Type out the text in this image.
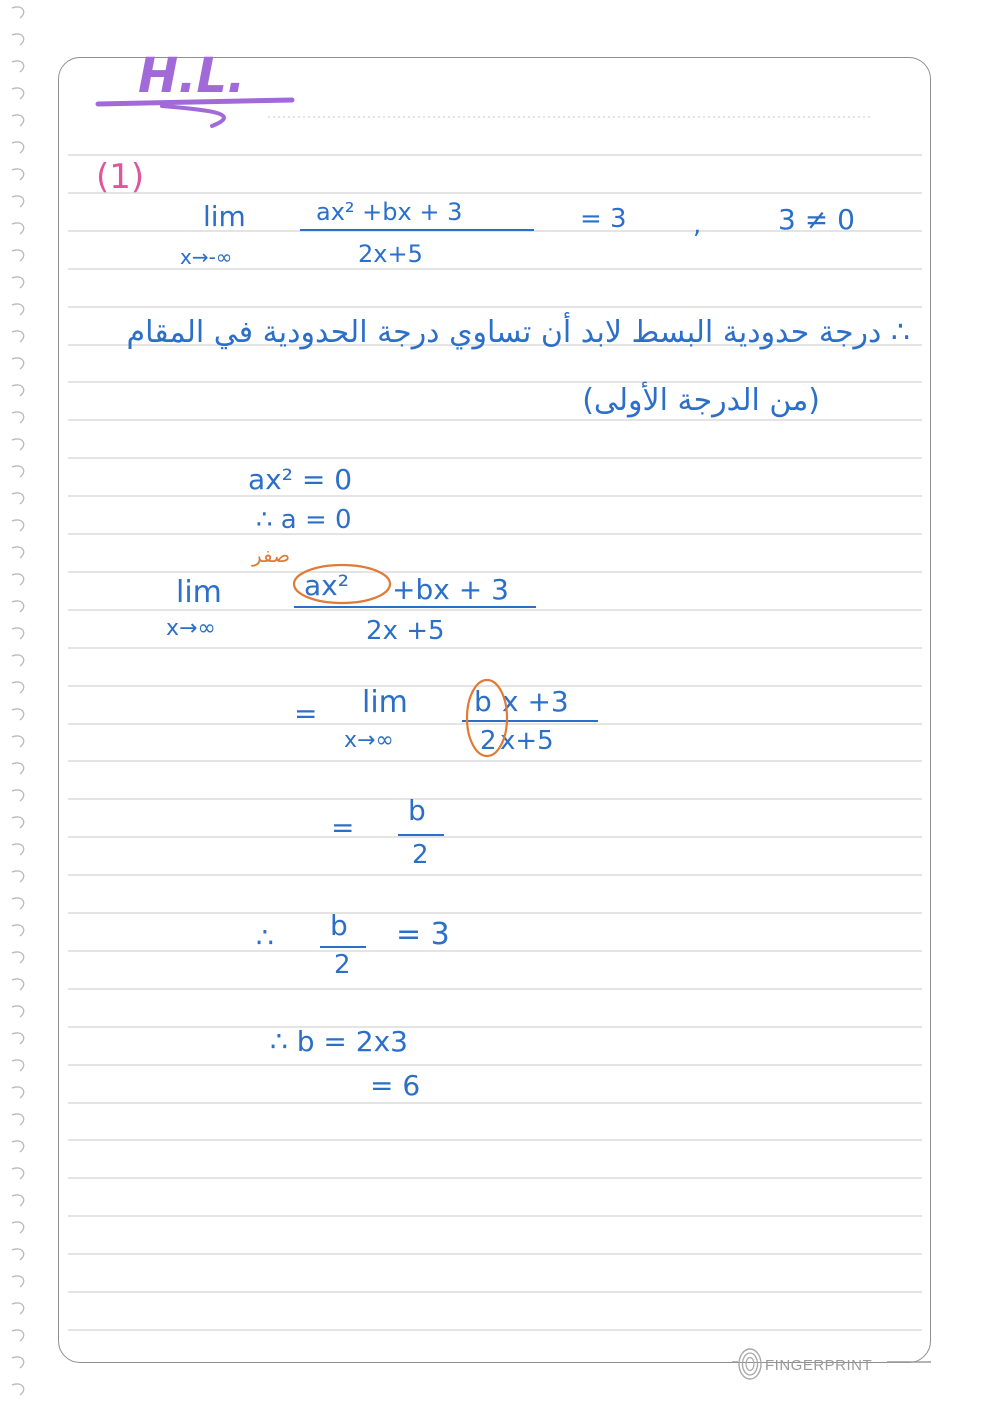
H.L.
(1)
lim
x→-∞
ax² +bx + 3
2x+5
= 3	,	3 ≠ 0
∴ درجة حدودية البسط لابد أن تساوي درجة الحدودية في المقام
(من الدرجة الأولى)
ax² = 0
∴ a = 0
صفر
lim
x→∞
ax² +bx + 3
2x +5
= lim
x→∞
b x +3
2 x+5
=
b
2
∴ b
2
= 3
∴ b = 2x3
= 6
FINGERPRINT
